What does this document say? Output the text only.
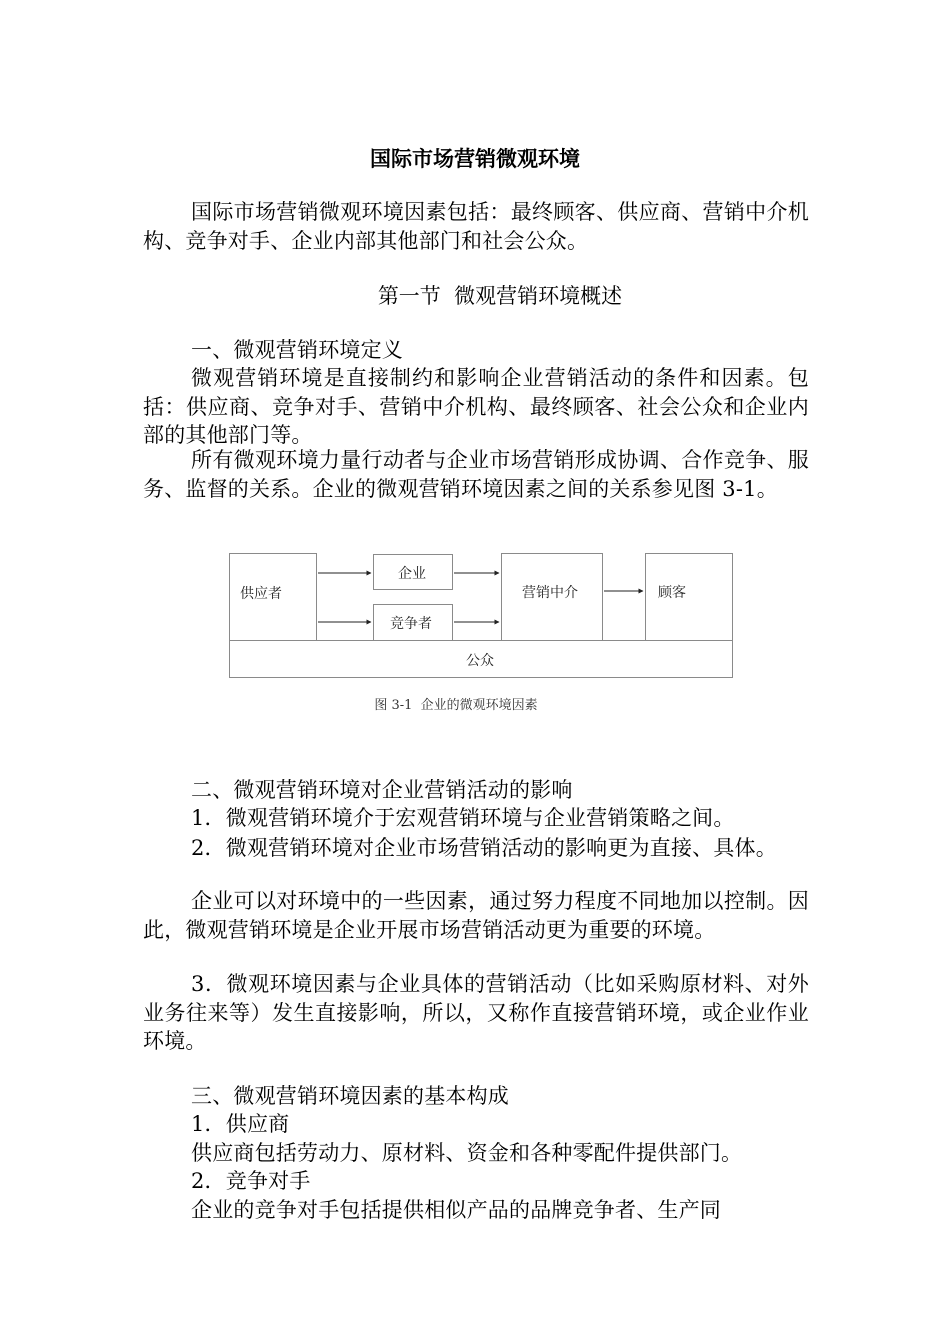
国际市场营销微观环境

国际市场营销微观环境因素包括：最终顾客、供应商、营销中介机构、竞争对手、企业内部其他部门和社会公众。

第一节  微观营销环境概述

一、微观营销环境定义

微观营销环境是直接制约和影响企业营销活动的条件和因素。包括：供应商、竞争对手、营销中介机构、最终顾客、社会公众和企业内部的其他部门等。

所有微观环境力量行动者与企业市场营销形成协调、合作竞争、服务、监督的关系。企业的微观营销环境因素之间的关系参见图 3-1。

供应者
企业
竞争者
营销中介	顾客
公众

图 3-1  企业的微观环境因素

二、微观营销环境对企业营销活动的影响

1．微观营销环境介于宏观营销环境与企业营销策略之间。

2．微观营销环境对企业市场营销活动的影响更为直接、具体。

企业可以对环境中的一些因素，通过努力程度不同地加以控制。因此，微观营销环境是企业开展市场营销活动更为重要的环境。

3．微观环境因素与企业具体的营销活动（比如采购原材料、对外业务往来等）发生直接影响，所以，又称作直接营销环境，或企业作业环境。

三、微观营销环境因素的基本构成

1．供应商

供应商包括劳动力、原材料、资金和各种零配件提供部门。

2．竞争对手

企业的竞争对手包括提供相似产品的品牌竞争者、生产同
